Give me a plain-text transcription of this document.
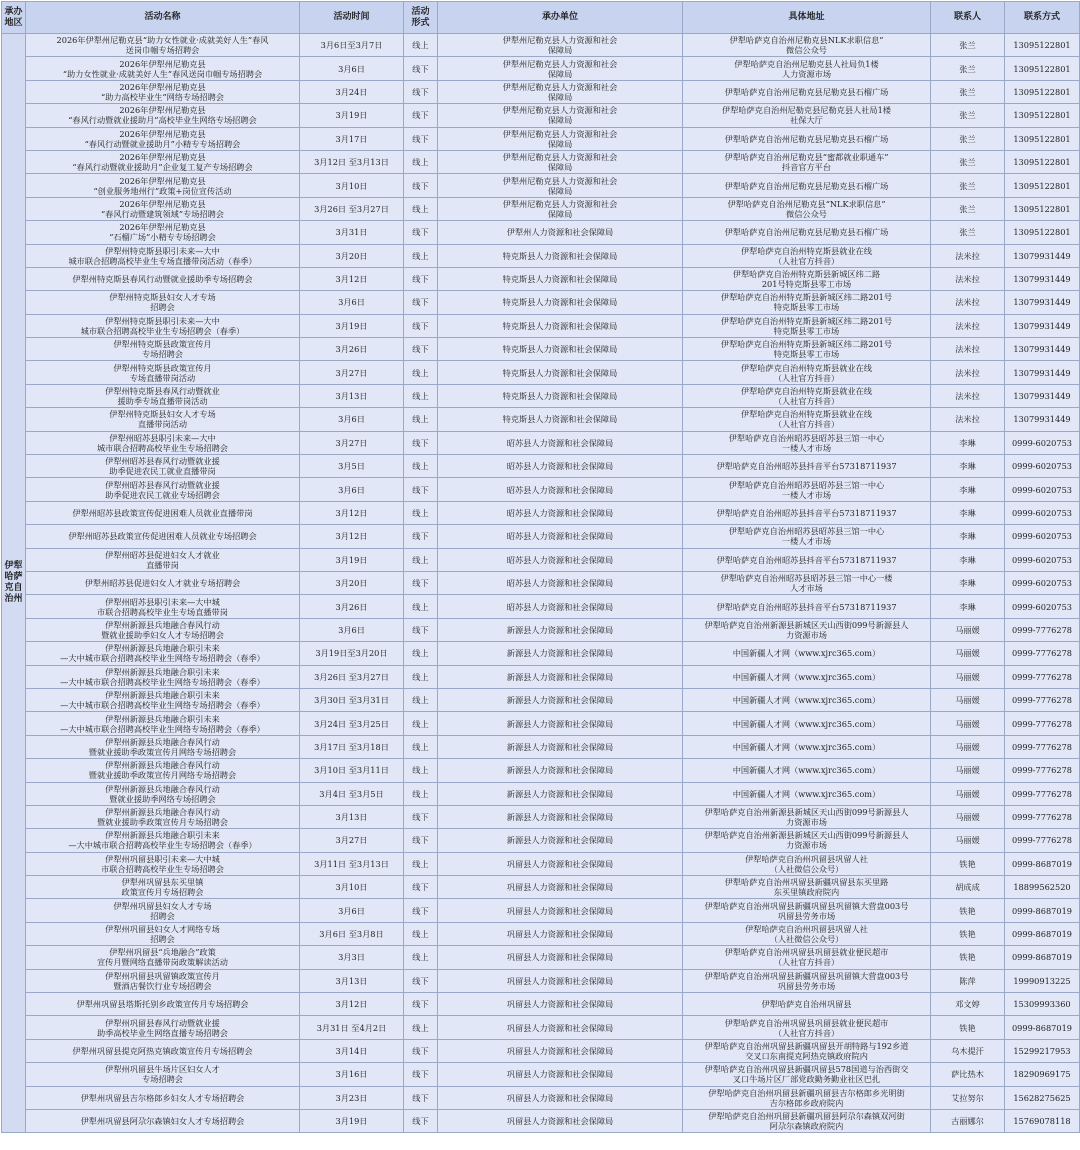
承办
地区	活动名称	活动时间	活动
形式	承办单位	具体地址	联系人	联系方式
伊犁
哈萨
克自
治州	2026年伊犁州尼勒克县“助力女性就业·成就美好人生”春风
送岗巾帼专场招聘会	3月6日至3月7日	线上	伊犁州尼勒克县人力资源和社会
保障局	伊犁哈萨克自治州尼勒克县NLK求职信息”
微信公众号	张兰	13095122801
	2026年伊犁州尼勒克县
“助力女性就业·成就美好人生”春风送岗巾帼专场招聘会	3月6日	线下	伊犁州尼勒克县人力资源和社会
保障局	伊犁哈萨克自治州尼勒克县人社局负1楼
人力资源市场	张兰	13095122801
	2026年伊犁州尼勒克县
“助力高校毕业生”网络专场招聘会	3月24日	线下	伊犁州尼勒克县人力资源和社会
保障局	伊犁哈萨克自治州尼勒克县尼勒克县石榴广场	张兰	13095122801
	2026年伊犁州尼勒克县
“春风行动暨就业援助月”高校毕业生网络专场招聘会	3月19日	线下	伊犁州尼勒克县人力资源和社会
保障局	伊犁哈萨克自治州尼勒克县尼勒克县人社局1楼
社保大厅	张兰	13095122801
	2026年伊犁州尼勒克县
“春风行动暨就业援助月”小精专专场招聘会	3月17日	线下	伊犁州尼勒克县人力资源和社会
保障局	伊犁哈萨克自治州尼勒克县尼勒克县石榴广场	张兰	13095122801
	2026年伊犁州尼勒克县
“春风行动暨就业援助月”企业复工复产专场招聘会	3月12日 至3月13日	线上	伊犁州尼勒克县人力资源和社会
保障局	伊犁哈萨克自治州尼勒克县“蜜都就业职通车”
抖音官方平台	张兰	13095122801
	2026年伊犁州尼勒克县
“创业服务地州行”政策+岗位宣传活动	3月10日	线下	伊犁州尼勒克县人力资源和社会
保障局	伊犁哈萨克自治州尼勒克县尼勒克县石榴广场	张兰	13095122801
	2026年伊犁州尼勒克县
“春风行动暨建筑领域”专场招聘会	3月26日 至3月27日	线上	伊犁州尼勒克县人力资源和社会
保障局	伊犁哈萨克自治州尼勒克县“NLK求职信息”
微信公众号	张兰	13095122801
	2026年伊犁州尼勒克县
“石榴广场”小精专专场招聘会	3月31日	线下	伊犁州人力资源和社会保障局	伊犁哈萨克自治州尼勒克县尼勒克县石榴广场	张兰	13095122801
	伊犁州特克斯县职引未来—大中
城市联合招聘高校毕业生专场直播带岗活动（春季）	3月20日	线上	特克斯县人力资源和社会保障局	伊犁哈萨克自治州特克斯县就业在线
（人社官方抖音）	法米拉	13079931449
	伊犁州特克斯县春风行动暨就业援助季专场招聘会	3月12日	线下	特克斯县人力资源和社会保障局	伊犁哈萨克自治州特克斯县新城区纬二路
201号特克斯县零工市场	法米拉	13079931449
	伊犁州特克斯县妇女人才专场
招聘会	3月6日	线下	特克斯县人力资源和社会保障局	伊犁哈萨克自治州特克斯县新城区纬二路201号
特克斯县零工市场	法米拉	13079931449
	伊犁州特克斯县职引未来—大中
城市联合招聘高校毕业生专场招聘会（春季）	3月19日	线下	特克斯县人力资源和社会保障局	伊犁哈萨克自治州特克斯县新城区纬二路201号
特克斯县零工市场	法米拉	13079931449
	伊犁州特克斯县政策宣传月
专场招聘会	3月26日	线下	特克斯县人力资源和社会保障局	伊犁哈萨克自治州特克斯县新城区纬二路201号
特克斯县零工市场	法米拉	13079931449
	伊犁州特克斯县政策宣传月
专场直播带岗活动	3月27日	线上	特克斯县人力资源和社会保障局	伊犁哈萨克自治州特克斯县就业在线
（人社官方抖音）	法米拉	13079931449
	伊犁州特克斯县春风行动暨就业
援助季专场直播带岗活动	3月13日	线上	特克斯县人力资源和社会保障局	伊犁哈萨克自治州特克斯县就业在线
（人社官方抖音）	法米拉	13079931449
	伊犁州特克斯县妇女人才专场
直播带岗活动	3月6日	线上	特克斯县人力资源和社会保障局	伊犁哈萨克自治州特克斯县就业在线
（人社官方抖音）	法米拉	13079931449
	伊犁州昭苏县职引未来—大中
城市联合招聘高校毕业生专场招聘会	3月27日	线下	昭苏县人力资源和社会保障局	伊犁哈萨克自治州昭苏县昭苏县三馆一中心
一楼人才市场	李琳	0999-6020753
	伊犁州昭苏县春风行动暨就业援
助季促进农民工就业直播带岗	3月5日	线上	昭苏县人力资源和社会保障局	伊犁哈萨克自治州昭苏县抖音平台57318711937	李琳	0999-6020753
	伊犁州昭苏县春风行动暨就业援
助季促进农民工就业专场招聘会	3月6日	线下	昭苏县人力资源和社会保障局	伊犁哈萨克自治州昭苏县昭苏县三馆一中心
一楼人才市场	李琳	0999-6020753
	伊犁州昭苏县政策宣传促进困难人员就业直播带岗	3月12日	线上	昭苏县人力资源和社会保障局	伊犁哈萨克自治州昭苏县抖音平台57318711937	李琳	0999-6020753
	伊犁州昭苏县政策宣传促进困难人员就业专场招聘会	3月12日	线下	昭苏县人力资源和社会保障局	伊犁哈萨克自治州昭苏县昭苏县三馆一中心
一楼人才市场	李琳	0999-6020753
	伊犁州昭苏县促进妇女人才就业
直播带岗	3月19日	线上	昭苏县人力资源和社会保障局	伊犁哈萨克自治州昭苏县抖音平台57318711937	李琳	0999-6020753
	伊犁州昭苏县促进妇女人才就业专场招聘会	3月20日	线下	昭苏县人力资源和社会保障局	伊犁哈萨克自治州昭苏县昭苏县三馆一中心一楼
人才市场	李琳	0999-6020753
	伊犁州昭苏县职引未来—大中城
市联合招聘高校毕业生专场直播带岗	3月26日	线上	昭苏县人力资源和社会保障局	伊犁哈萨克自治州昭苏县抖音平台57318711937	李琳	0999-6020753
	伊犁州新源县兵地融合春风行动
暨就业援助季妇女人才专场招聘会	3月6日	线下	新源县人力资源和社会保障局	伊犁哈萨克自治州新源县新城区天山西街099号新源县人
力资源市场	马丽媛	0999-7776278
	伊犁州新源县兵地融合职引未来
—大中城市联合招聘高校毕业生网络专场招聘会（春季）	3月19日至3月20日	线上	新源县人力资源和社会保障局	中国新疆人才网（www.xjrc365.com）	马丽媛	0999-7776278
	伊犁州新源县兵地融合职引未来
—大中城市联合招聘高校毕业生网络专场招聘会（春季）	3月26日 至3月27日	线上	新源县人力资源和社会保障局	中国新疆人才网（www.xjrc365.com）	马丽媛	0999-7776278
	伊犁州新源县兵地融合职引未来
—大中城市联合招聘高校毕业生网络专场招聘会（春季）	3月30日 至3月31日	线上	新源县人力资源和社会保障局	中国新疆人才网（www.xjrc365.com）	马丽媛	0999-7776278
	伊犁州新源县兵地融合职引未来
—大中城市联合招聘高校毕业生网络专场招聘会（春季）	3月24日 至3月25日	线上	新源县人力资源和社会保障局	中国新疆人才网（www.xjrc365.com）	马丽媛	0999-7776278
	伊犁州新源县兵地融合春风行动
暨就业援助季政策宣传月网络专场招聘会	3月17日 至3月18日	线上	新源县人力资源和社会保障局	中国新疆人才网（www.xjrc365.com）	马丽媛	0999-7776278
	伊犁州新源县兵地融合春风行动
暨就业援助季政策宣传月网络专场招聘会	3月10日 至3月11日	线上	新源县人力资源和社会保障局	中国新疆人才网（www.xjrc365.com）	马丽媛	0999-7776278
	伊犁州新源县兵地融合春风行动
暨就业援助季网络专场招聘会	3月4日 至3月5日	线上	新源县人力资源和社会保障局	中国新疆人才网（www.xjrc365.com）	马丽媛	0999-7776278
	伊犁州新源县兵地融合春风行动
暨就业援助季政策宣传月专场招聘会	3月13日	线下	新源县人力资源和社会保障局	伊犁哈萨克自治州新源县新城区天山西街099号新源县人
力资源市场	马丽媛	0999-7776278
	伊犁州新源县兵地融合职引未来
—大中城市联合招聘高校毕业生专场招聘会（春季）	3月27日	线下	新源县人力资源和社会保障局	伊犁哈萨克自治州新源县新城区天山西街099号新源县人
力资源市场	马丽媛	0999-7776278
	伊犁州巩留县职引未来—大中城
市联合招聘高校毕业生专场招聘会	3月11日 至3月13日	线上	巩留县人力资源和社会保障局	伊犁哈萨克自治州巩留县巩留人社
（人社微信公众号）	铁艳	0999-8687019
	伊犁州巩留县东买里镇
政策宣传月专场招聘会	3月10日	线下	巩留县人力资源和社会保障局	伊犁哈萨克自治州巩留县新疆巩留县东买里路
东买里镇政府院内	胡成成	18899562520
	伊犁州巩留县妇女人才专场
招聘会	3月6日	线下	巩留县人力资源和社会保障局	伊犁哈萨克自治州巩留县新疆巩留县巩留镇大营盘003号
巩留县劳务市场	铁艳	0999-8687019
	伊犁州巩留县妇女人才网络专场
招聘会	3月6日 至3月8日	线上	巩留县人力资源和社会保障局	伊犁哈萨克自治州巩留县巩留人社
（人社微信公众号）	铁艳	0999-8687019
	伊犁州巩留县“兵地融合”政策
宣传月暨网络直播带岗政策解读活动	3月3日	线上	巩留县人力资源和社会保障局	伊犁哈萨克自治州巩留县巩留县就业便民超市
（人社官方抖音）	铁艳	0999-8687019
	伊犁州巩留县巩留镇政策宣传月
暨酒店餐饮行业专场招聘会	3月13日	线下	巩留县人力资源和社会保障局	伊犁哈萨克自治州巩留县新疆巩留县巩留镇大营盘003号
巩留县劳务市场	陈萍	19990913225
	伊犁州巩留县塔斯托别乡政策宣传月专场招聘会	3月12日	线下	巩留县人力资源和社会保障局	伊犁哈萨克自治州巩留县	邓文婷	15309993360
	伊犁州巩留县春风行动暨就业援
助季高校毕业生网络直播专场招聘会	3月31日 至4月2日	线上	巩留县人力资源和社会保障局	伊犁哈萨克自治州巩留县巩留县就业便民超市
（人社官方抖音）	铁艳	0999-8687019
	伊犁州巩留县提克阿热克镇政策宣传月专场招聘会	3月14日	线下	巩留县人力资源和社会保障局	伊犁哈萨克自治州巩留县新疆巩留县开胡特路与192乡道
交叉口东南提克阿热克镇政府院内	乌木提汗	15299217953
	伊犁州巩留县牛场片区妇女人才
专场招聘会	3月16日	线下	巩留县人力资源和社会保障局	伊犁哈萨克自治州巩留县新疆巩留县578国道与治西街交
叉口牛场片区厂部党政勤务勤业社区巴扎	萨比热木	18290969175
	伊犁州巩留县吉尔格郎乡妇女人才专场招聘会	3月23日	线下	巩留县人力资源和社会保障局	伊犁哈萨克自治州巩留县新疆巩留县吉尔格郎乡光明街
吉尔格郎乡政府院内	艾拉努尔	15628275625
	伊犁州巩留县阿尕尔森镇妇女人才专场招聘会	3月19日	线下	巩留县人力资源和社会保障局	伊犁哈萨克自治州巩留县新疆巩留县阿尕尔森镇双河街
阿尕尔森镇政府院内	古丽娜尔	15769078118
